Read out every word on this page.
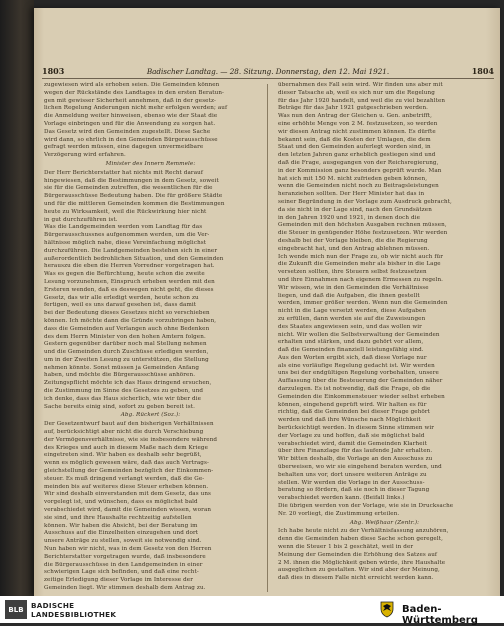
1803	Badischer Landtag. — 28. Sitzung. Donnerstag, den 12. Mai 1921.	1804
zugewiesen wird als erhoben seien. Die Gemeinden können
wegen der Rückstände des Landtages in den ersten Beratun-
gen mit gewisser Sicherheit annehmen, daß in der gesetz-
lichen Regelung Änderungen nicht mehr erfolgen werden; auf
die Anmeldung weiter hinweisen, ebenso wie der Staat die
Vorlage einbringen und für die Anwendung zu sorgen hat.
Das Gesetz wird den Gemeinden zugestellt. Diese Sache
wird dann, so ehrlich in den Gemeinden Bürgerausschüsse
gefragt werden müssen, eine dagegen unvermeidbare
Verzögerung wird erfahren.
Minister des Innern Remmele:
Der Herr Berichterstatter hat nichts mit Recht darauf
hingewiesen, daß die Bestimmungen in dem Gesetz, soweit
sie für die Gemeinden zutreffen, die wesentlichen für die
Bürgerausschüsse Bedeutung haben. Die für größere Städte
und für die mittleren Gemeinden kommen die Bestimmungen
heute zu Wirksamkeit, weil die Rückwirkung hier nicht
in gut durchzuführen ist.
Was die Landgemeinden werden vom Landtag für das
Bürgerausschussnes aufgenommen werden, um die Ver-
hältnisse möglich nahe, diese Vereinfachung möglichst
durchzuführen. Die Landgemeinden bestehen sich in einer
außerordentlich bedrohlichen Situation, und den Gemeinden
herauszu die eben die Herren Vorredner vorgetragen hat.
Was es gegen die Befürchtung, heute schon die zweite
Lesung vorzunehmen, Einspruch erheben werden mit den
Ersteren wenden, daß es deswegen nicht geht, die dieses
Gesetz, das wir alle erledigt werden, heute schon zu
fertigen, weil es uns darauf gesehen ist, dass damit
bei der Bedeutung dieses Gesetzes nicht so verschieben
können. Ich möchte dann die Gründe vorzubringen haben,
dass die Gemeinden auf Verlangen auch ohne Bedenken
des dem Herrn Minister von den hohen Ämtern folgen.
Gestern gegenüber darüber noch mal Stellung nehmen
und die Gemeinden durch Zuschüsse erledigen werden,
um in der Zweiten Lesung zu unterstützen, die Stellung
nehmen könnte. Sonst müssen ja Gemeinden Anfang
haben, und möchte die Bürgerausschüsse anhören.
Zeitungspflicht möchte ich das Haus dringend ersuchen,
die Zustimmung im Sinne des Gesetzes zu geben, und
ich denke, dass das Haus sicherlich, wie wir über die
Sache bereits einig sind, sofort zu geben bereit ist.
Abg. Rückert (Soz.):
Der Gesetzentwurf baut auf den bisherigen Verhältnissen
auf, berücksichtigt aber nicht die durch Verschiebung
der Vermögensverhältnisse, wie sie insbesondere während
des Krieges und auch in diesem Maße nach dem Kriege
eingetreten sind. Wir haben es deshalb sehr begrüßt,
wenn es möglich gewesen wäre, daß das auch Vertrags-
gleichstellung der Gemeinden bezüglich der Einkommen-
steuer. Es muß dringend verlangt werden, daß die Ge-
meinden bis auf weiteres diese Steuer erheben können.
Wir sind deshalb einverstanden mit dem Gesetz, das uns
vorgelegt ist, und wünschen, dass es möglichst bald
verabschiedet wird, damit die Gemeinden wissen, woran
sie sind, und ihre Haushalte rechtzeitig aufstellen
können. Wir haben die Absicht, bei der Beratung im
Ausschuss auf die Einzelheiten einzugehen und dort
unsere Anträge zu stellen, soweit sie notwendig sind.
Nun haben wir nicht, was in dem Gesetz von den Herren
Berichterstatter vorgetragen wurde, daß insbesondere
die Bürgerausschüsse in den Landgemeinden in einer
schwierigen Lage sich befinden, und daß eine recht-
zeitige Erledigung dieser Vorlage im Interesse der
Gemeinden liegt. Wir stimmen deshalb dem Antrag zu.
übernahmen des Fall sein wird. Wir finden uns aber mit
dieser Tatsache ab, weil es sich nur um die Regelung
für das Jahr 1920 handelt, und weil die zu viel bezahlten
Beträge für das Jahr 1921 gutgeschrieben werden.
Was nun den Antrag der Gleichen u. Gen. anbetrifft,
eine erhöhte Menge von 2 M. festzusetzen, so werden
wir diesen Antrag nicht zustimmen können. Es dürfte
bekannt sein, daß die Kosten der Umlagen, die dem
Staat und den Gemeinden auferlegt worden sind, in
den letzten Jahren ganz erheblich gestiegen sind und
daß die Frage, ausgegangen von der Reichsregierung,
in der Kommission ganz besonders geprüft wurde. Man
hat sich mit 150 M. nicht zufrieden geben können,
wenn die Gemeinden nicht noch zu Beitragsleistungen
heranziehen sollten. Der Herr Minister hat das in
seiner Begründung in der Vorlage zum Ausdruck gebracht,
da sie nicht in der Lage sind, nach den Grundsätzen
in den Jahren 1920 und 1921, in denen doch die
Gemeinden mit den höchsten Ausgaben rechnen müssen,
die Steuer in genügender Höhe festzusetzen. Wir werden
deshalb bei der Vorlage bleiben, die die Regierung
eingebracht hat, und den Antrag ablehnen müssen.
Ich wende mich nun der Frage zu, ob wir nicht auch für
die Zukunft die Gemeinden mehr als bisher in die Lage
versetzen sollten, ihre Steuern selbst festzusetzen
und ihre Einnahmen nach eigenem Ermessen zu regeln.
Wir wissen, wie in den Gemeinden die Verhältnisse
liegen, und daß die Aufgaben, die ihnen gestellt
werden, immer größer werden. Wenn nun die Gemeinden
nicht in die Lage versetzt werden, diese Aufgaben
zu erfüllen, dann werden sie auf die Zuweisungen
des Staates angewiesen sein, und das wollen wir
nicht. Wir wollen die Selbstverwaltung der Gemeinden
erhalten und stärken, und dazu gehört vor allem,
daß die Gemeinden finanziell leistungsfähig sind.
Aus den Worten ergibt sich, daß diese Vorlage nur
als eine vorläufige Regelung gedacht ist. Wir werden
uns bei der endgültigen Regelung vorbehalten, unsere
Auffassung über die Besteuerung der Gemeinden näher
darzulegen. Es ist notwendig, daß die Frage, ob die
Gemeinden die Einkommensteuer wieder selbst erheben
können, eingehend geprüft wird. Wir halten es für
richtig, daß die Gemeinden bei dieser Frage gehört
werden und daß ihre Wünsche nach Möglichkeit
berücksichtigt werden. In diesem Sinne stimmen wir
der Vorlage zu und hoffen, daß sie möglichst bald
verabschiedet wird, damit die Gemeinden Klarheit
über ihre Finanzlage für das laufende Jahr erhalten.
Wir bitten deshalb, die Vorlage an den Ausschuss zu
überweisen, wo wir sie eingehend beraten werden, und
behalten uns vor, dort unsere weiteren Anträge zu
stellen. Wir werden die Vorlage in der Ausschuss-
beratung so fördern, daß sie noch in dieser Tagung
verabschiedet werden kann. (Beifall links.)
Die übrigen werden von der Vorlage, wie sie in Drucksache
Nr. 20 vorliegt, die Zustimmung erteilen.
Abg. Weißhaar (Zentr.):
Ich habe heute nicht zu der Verhältnisfassung anzuhören,
denn die Gemeinden haben diese Sache schon geregelt,
wenn die Steuer 1 bis 2 geschätzt, weil in der
Meinung der Gemeinden die Erhöhung des Satzes auf
2 M. ihnen die Möglichkeit geben würde, ihre Haushalte
ausgeglichen zu gestalten. Wir sind aber der Meinung,
daß dies in diesem Falle nicht erreicht werden kann.
BLB	BADISCHE
LANDESBIBLIOTHEK	Baden-Württemberg
